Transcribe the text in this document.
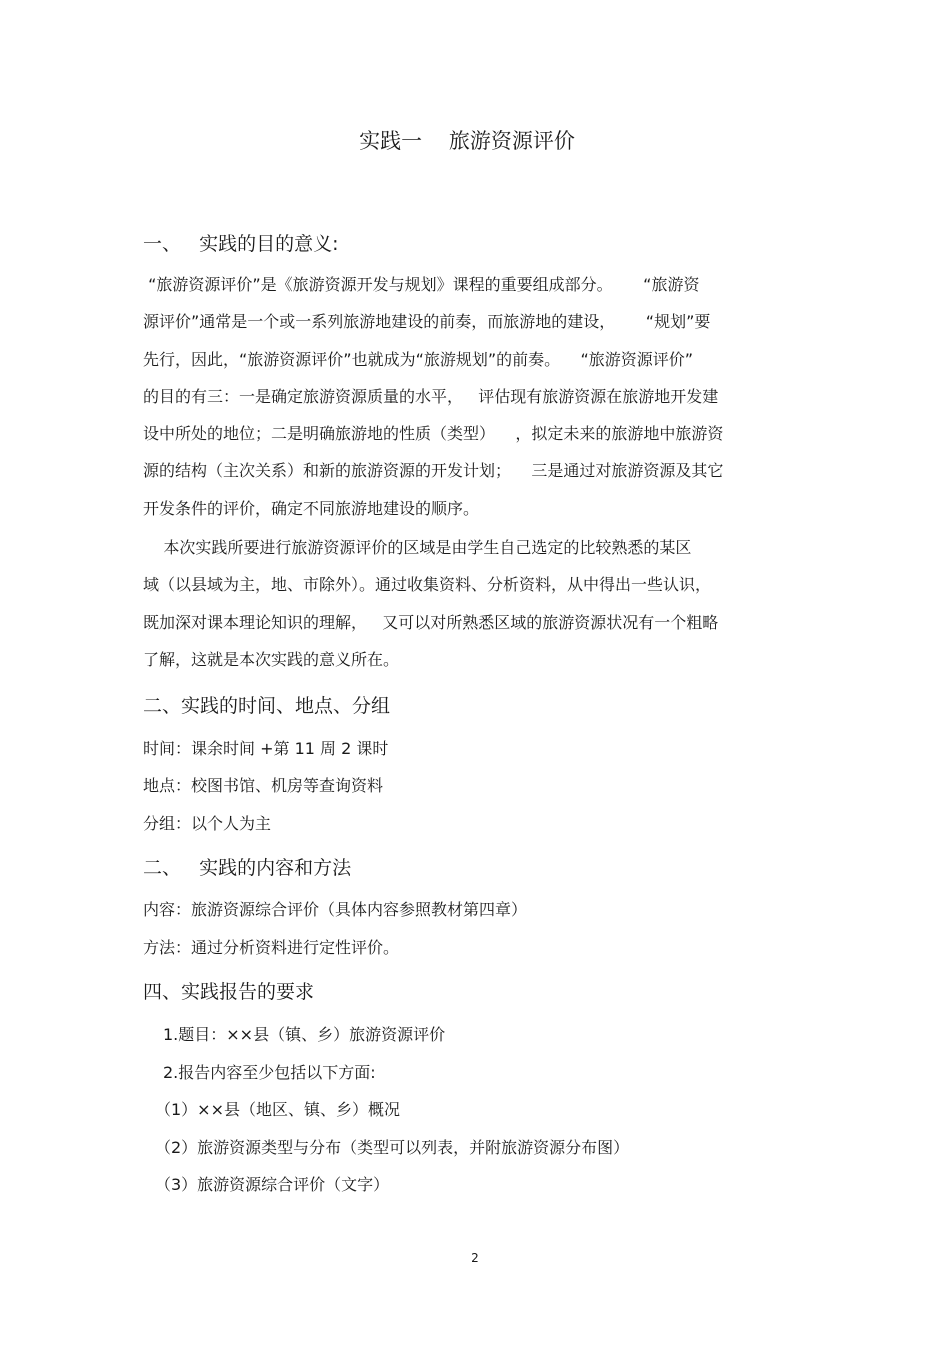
实践一    旅游资源评价
一、   实践的目的意义:
“旅游资源评价”是《旅游资源开发与规划》课程的重要组成部分。      “旅游资
源评价”通常是一个或一系列旅游地建设的前奏，而旅游地的建设，      “规划”要
先行，因此，“旅游资源评价”也就成为“旅游规划”的前奏。    “旅游资源评价”
的目的有三：一是确定旅游资源质量的水平，   评估现有旅游资源在旅游地开发建
设中所处的地位；二是明确旅游地的性质（类型）    ，拟定未来的旅游地中旅游资
源的结构（主次关系）和新的旅游资源的开发计划；    三是通过对旅游资源及其它
开发条件的评价，确定不同旅游地建设的顺序。
本次实践所要进行旅游资源评价的区域是由学生自己选定的比较熟悉的某区
域（以县域为主，地、市除外）。通过收集资料、分析资料，从中得出一些认识，
既加深对课本理论知识的理解，   又可以对所熟悉区域的旅游资源状况有一个粗略
了解，这就是本次实践的意义所在。
二、实践的时间、地点、分组
时间：课余时间 +第 11 周 2 课时
地点：校图书馆、机房等查询资料
分组：以个人为主
二、   实践的内容和方法
内容：旅游资源综合评价（具体内容参照教材第四章）
方法：通过分析资料进行定性评价。
四、实践报告的要求
1.题目：××县（镇、乡）旅游资源评价
2.报告内容至少包括以下方面:
（1）××县（地区、镇、乡）概况
（2）旅游资源类型与分布（类型可以列表，并附旅游资源分布图）
（3）旅游资源综合评价（文字）
2
